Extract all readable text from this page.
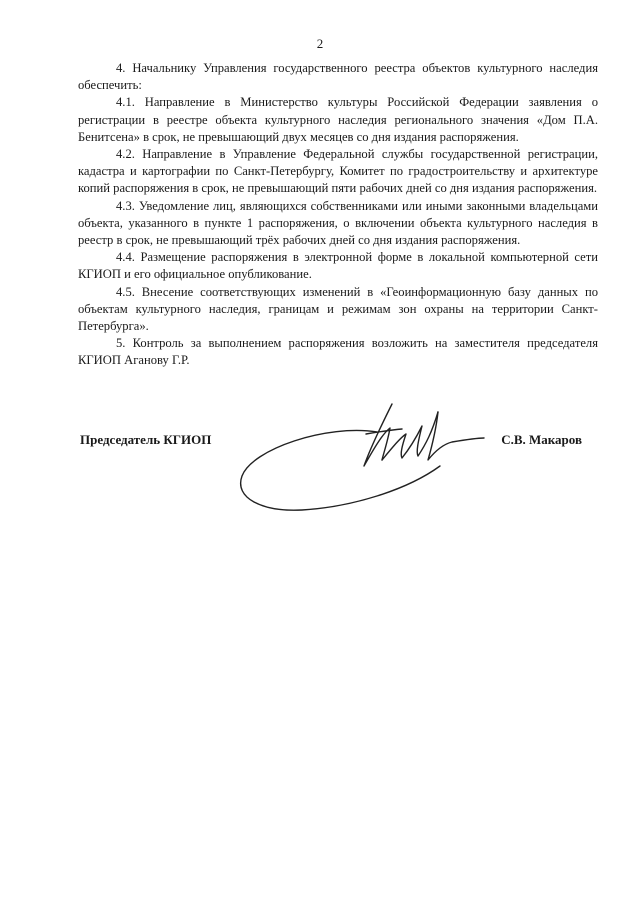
2

4. Начальнику Управления государственного реестра объектов культурного наследия обеспечить:

4.1. Направление в Министерство культуры Российской Федерации заявления о регистрации в реестре объекта культурного наследия регионального значения «Дом П.А. Бенитсена» в срок, не превышающий двух месяцев со дня издания распоряжения.

4.2. Направление в Управление Федеральной службы государственной регистрации, кадастра и картографии по Санкт-Петербургу, Комитет по градостроительству и архитектуре копий распоряжения в срок, не превышающий пяти рабочих дней со дня издания распоряжения.

4.3. Уведомление лиц, являющихся собственниками или иными законными владельцами объекта, указанного в пункте 1 распоряжения, о включении объекта культурного наследия в реестр в срок, не превышающий трёх рабочих дней со дня издания распоряжения.

4.4. Размещение распоряжения в электронной форме в локальной компьютерной сети КГИОП и его официальное опубликование.

4.5. Внесение соответствующих изменений в «Геоинформационную базу данных по объектам культурного наследия, границам и режимам зон охраны на территории Санкт-Петербурга».

5. Контроль за выполнением распоряжения возложить на заместителя председателя КГИОП Аганову Г.Р.

Председатель КГИОП	С.В. Макаров
